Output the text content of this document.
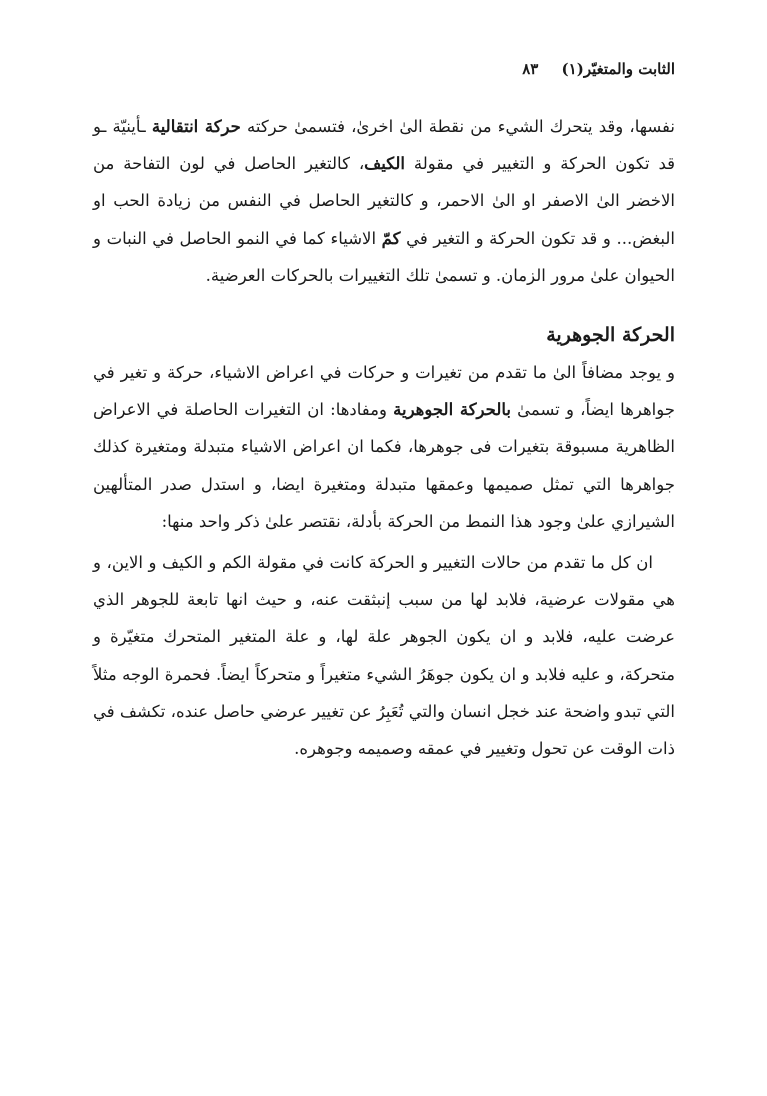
الثابت والمتغيّر(١) ٨٣

نفسها، وقد يتحرك الشيء من نقطة الىٰ اخرىٰ، فتسمىٰ حركته حركة انتقالية ـأينيّة ـو قد تكون الحركة و التغيير في مقولة الكيف، كالتغير الحاصل في لون التفاحة من الاخضر الىٰ الاصفر او الىٰ الاحمر، و كالتغير الحاصل في النفس من زيادة الحب او البغض... و قد تكون الحركة و التغير في كمّ الاشياء كما في النمو الحاصل في النبات و الحيوان علىٰ مرور الزمان. و تسمىٰ تلك التغييرات بالحركات العرضية.

الحركة الجوهرية

و يوجد مضافاً الىٰ ما تقدم من تغيرات و حركات في اعراض الاشياء، حركة و تغير في جواهرها ايضاً، و تسمىٰ بالحركة الجوهرية ومفادها: ان التغيرات الحاصلة في الاعراض الظاهرية مسبوقة بتغيرات فى جوهرها، فكما ان اعراض الاشياء متبدلة ومتغيرة كذلك جواهرها التي تمثل صميمها وعمقها متبدلة ومتغيرة ايضا، و استدل صدر المتألهين الشيرازي علىٰ وجود هذا النمط من الحركة بأدلة، نقتصر علىٰ ذكر واحد منها:

ان كل ما تقدم من حالات التغيير و الحركة كانت في مقولة الكم و الكيف و الاين، و هي مقولات عرضية، فلابد لها من سبب إنبثقت عنه، و حيث انها تابعة للجوهر الذي عرضت عليه، فلابد و ان يكون الجوهر علة لها، و علة المتغير المتحرك متغيّرة و متحركة، و عليه فلابد و ان يكون جوهَرُ الشيء متغيراً و متحركاً ايضاً. فحمرة الوجه مثلاً التي تبدو واضحة عند خجل انسان والتي تُعَبِرُ عن تغيير عرضي حاصل عنده، تكشف في ذات الوقت عن تحول وتغيير في عمقه وصميمه وجوهره.
